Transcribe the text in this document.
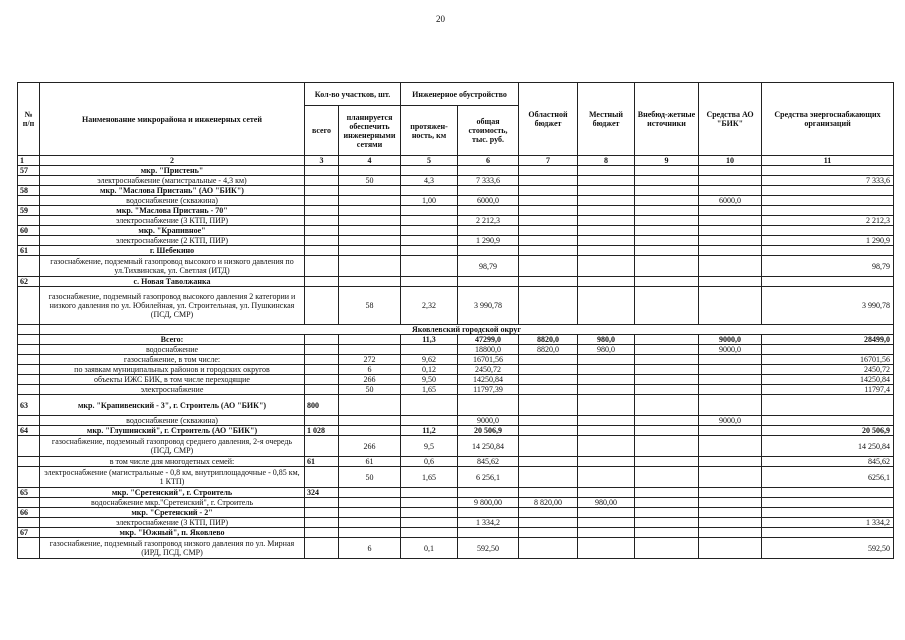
20
№
п/п	Наименование микрорайона и инженерных сетей	Кол-во участков, шт.		Инженерное обустройство		Областной бюджет	Местный бюджет	Внебюд-жетные источники	Средства АО "БИК"	Средства энергоснабжающих организаций
		всего	планируется обеспечить инженерными сетями	протяжен-ность, км	общая стоимость, тыс. руб.					
1	2	3	4	5	6	7	8	9	10	11
57	мкр. "Пристень"									
	электроснабжение (магистральные - 4,3 км)		50	4,3	7 333,6					7 333,6
58	мкр. "Маслова Пристань" (АО "БИК")									
	водоснабжение (скважина)			1,00	6000,0				6000,0	
59	мкр. "Маслова Пристань - 70"									
	электроснабжение (3 КТП, ПИР)				2 212,3					2 212,3
60	мкр. "Крапивное"									
	электроснабжение (2 КТП, ПИР)				1 290,9					1 290,9
61	г. Шебекино									
	газоснабжение, подземный газопровод высокого и низкого давления по ул.Тихвинская, ул. Светлая (ИТД)				98,79					98,79
62	с. Новая Таволжанка									
	газоснабжение, подземный газопровод высокого давления 2 категории и низкого давления по ул. Юбилейная, ул. Строительная, ул. Пушкинская (ПСД, СМР)		58	2,32	3 990,78					3 990,78
	Яковлевский городской округ									
	Всего:			11,3	47299,0	8820,0	980,0		9000,0	28499,0
	водоснабжение				18800,0	8820,0	980,0		9000,0	
	газоснабжение, в том числе:		272	9,62	16701,56					16701,56
	по заявкам муниципальных районов и городских округов		6	0,12	2450,72					2450,72
	объекты ИЖС БИК, в том числе переходящие		266	9,50	14250,84					14250,84
	электроснабжение		50	1,65	11797,39					11797,4
63	мкр. "Крапивенский - 3", г. Строитель (АО "БИК")	800								
	водоснабжение (скважина)				9000,0				9000,0	
64	мкр. "Глушинский", г. Строитель (АО "БИК")	1 028		11,2	20 506,9					20 506,9
	газоснабжение, подземный газопровод среднего давления, 2-я очередь (ПСД, СМР)		266	9,5	14 250,84					14 250,84
	в том числе для многодетных семей:	61	61	0,6	845,62					845,62
	электроснабжение (магистральные - 0,8 км, внутриплощадочные - 0,85 км, 1 КТП)		50	1,65	6 256,1					6256,1
65	мкр. "Сретенский", г. Строитель	324								
	водоснабжение мкр."Сретенский", г. Строитель				9 800,00	8 820,00	980,00			
66	мкр. "Сретенский - 2"									
	электроснабжение (3 КТП, ПИР)				1 334,2					1 334,2
67	мкр. "Южный", п. Яковлево									
	газоснабжение, подземный газопровод низкого давления по ул. Мирная (ИРД, ПСД, СМР)		6	0,1	592,50					592,50
